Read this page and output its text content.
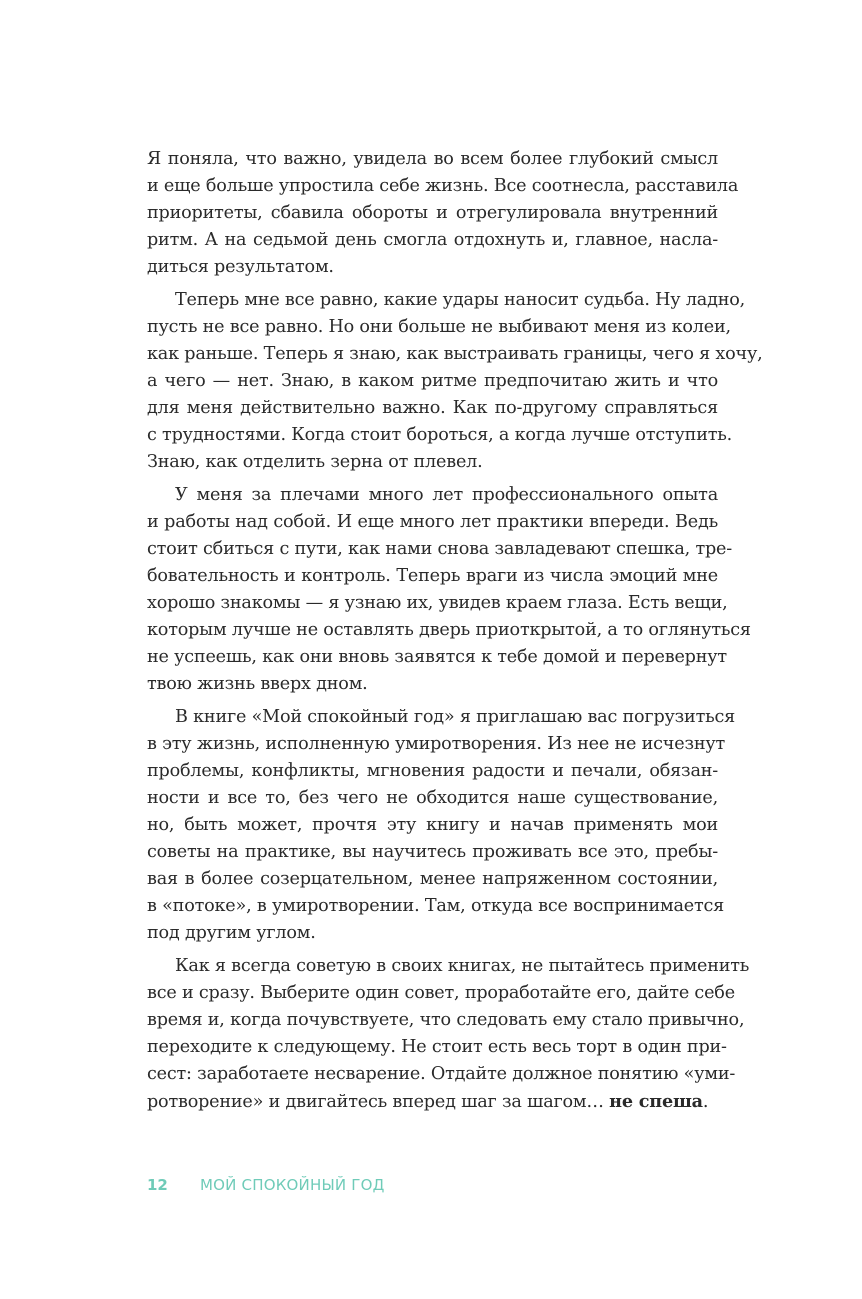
Я поняла, что важно, увидела во всем более глубокий смысл
и еще больше упростила себе жизнь. Все соотнесла, расставила
приоритеты, сбавила обороты и отрегулировала внутренний
ритм. А на седьмой день смогла отдохнуть и, главное, насла-
диться результатом.
Теперь мне все равно, какие удары наносит судьба. Ну ладно,
пусть не все равно. Но они больше не выбивают меня из колеи,
как раньше. Теперь я знаю, как выстраивать границы, чего я хочу,
а чего — нет. Знаю, в каком ритме предпочитаю жить и что
для меня действительно важно. Как по-другому справляться
с трудностями. Когда стоит бороться, а когда лучше отступить.
Знаю, как отделить зерна от плевел.
У меня за плечами много лет профессионального опыта
и работы над собой. И еще много лет практики впереди. Ведь
стоит сбиться с пути, как нами снова завладевают спешка, тре-
бовательность и контроль. Теперь враги из числа эмоций мне
хорошо знакомы — я узнаю их, увидев краем глаза. Есть вещи,
которым лучше не оставлять дверь приоткрытой, а то оглянуться
не успеешь, как они вновь заявятся к тебе домой и перевернут
твою жизнь вверх дном.
В книге «Мой спокойный год» я приглашаю вас погрузиться
в эту жизнь, исполненную умиротворения. Из нее не исчезнут
проблемы, конфликты, мгновения радости и печали, обязан-
ности и все то, без чего не обходится наше существование,
но, быть может, прочтя эту книгу и начав применять мои
советы на практике, вы научитесь проживать все это, пребы-
вая в более созерцательном, менее напряженном состоянии,
в «потоке», в умиротворении. Там, откуда все воспринимается
под другим углом.
Как я всегда советую в своих книгах, не пытайтесь применить
все и сразу. Выберите один совет, проработайте его, дайте себе
время и, когда почувствуете, что следовать ему стало привычно,
переходите к следующему. Не стоит есть весь торт в один при-
сест: заработаете несварение. Отдайте должное понятию «уми-
ротворение» и двигайтесь вперед шаг за шагом… не спеша.
12 МОЙ СПОКОЙНЫЙ ГОД
